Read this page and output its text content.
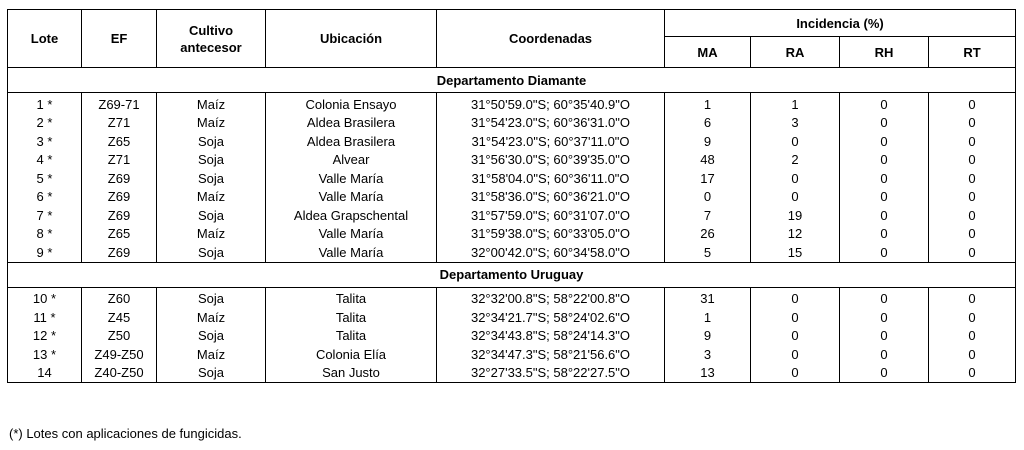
Lote	EF	Cultivo antecesor	Ubicación	Coordenadas	Incidencia (%)			
					MA	RA	RH	RT
Departamento Diamante								
1 *	Z69-71	Maíz	Colonia Ensayo	31°50'59.0"S; 60°35'40.9"O	1	1	0	0
2 *	Z71	Maíz	Aldea Brasilera	31°54'23.0"S; 60°36'31.0"O	6	3	0	0
3 *	Z65	Soja	Aldea Brasilera	31°54'23.0"S; 60°37'11.0"O	9	0	0	0
4 *	Z71	Soja	Alvear	31°56'30.0"S; 60°39'35.0"O	48	2	0	0
5 *	Z69	Soja	Valle María	31°58'04.0"S; 60°36'11.0"O	17	0	0	0
6 *	Z69	Maíz	Valle María	31°58'36.0"S; 60°36'21.0"O	0	0	0	0
7 *	Z69	Soja	Aldea Grapschental	31°57'59.0"S; 60°31'07.0"O	7	19	0	0
8 *	Z65	Maíz	Valle María	31°59'38.0"S; 60°33'05.0"O	26	12	0	0
9 *	Z69	Soja	Valle María	32°00'42.0"S; 60°34'58.0"O	5	15	0	0
Departamento Uruguay								
10 *	Z60	Soja	Talita	32°32'00.8"S; 58°22'00.8"O	31	0	0	0
11 *	Z45	Maíz	Talita	32°34'21.7"S; 58°24'02.6"O	1	0	0	0
12 *	Z50	Soja	Talita	32°34'43.8"S; 58°24'14.3"O	9	0	0	0
13 *	Z49-Z50	Maíz	Colonia Elía	32°34'47.3"S; 58°21'56.6"O	3	0	0	0
14	Z40-Z50	Soja	San Justo	32°27'33.5"S; 58°22'27.5"O	13	0	0	0
(*) Lotes con aplicaciones de fungicidas.
